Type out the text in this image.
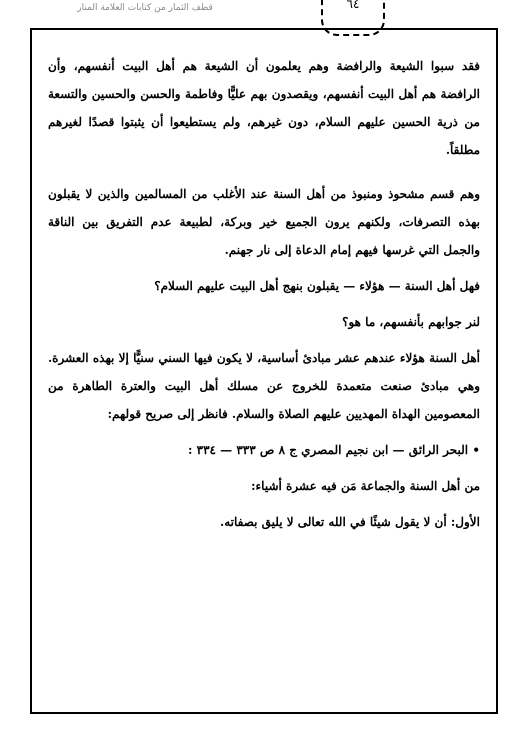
قطف الثمار من كتابات العلامة المنار	٦٤

فقد سبوا الشيعة والرافضة وهم يعلمون أن الشيعة هم أهل البيت أنفسهم، وأن الرافضة هم أهل البيت أنفسهم، ويقصدون بهم عليًّا وفاطمة والحسن والحسين والتسعة من ذرية الحسين عليهم السلام، دون غيرهم، ولم يستطيعوا أن يثبتوا قصدًا لغيرهم مطلقاً.

وهم قسم مشحوذ ومنبوذ من أهل السنة عند الأغلب من المسالمين والذين لا يقبلون بهذه التصرفات، ولكنهم يرون الجميع خير وبركة، لطبيعة عدم التفريق بين الناقة والجمل التي غرسها فيهم إمام الدعاة إلى نار جهنم.

فهل أهل السنة — هؤلاء — يقبلون بنهج أهل البيت عليهم السلام؟

لنر جوابهم بأنفسهم، ما هو؟

أهل السنة هؤلاء عندهم عشر مبادئ أساسية، لا يكون فيها السني سنيًّا إلا بهذه العشرة. وهي مبادئ صنعت متعمدة للخروج عن مسلك أهل البيت والعترة الطاهرة من المعصومين الهداة المهديين عليهم الصلاة والسلام. فانظر إلى صريح قولهم:

• البحر الرائق — ابن نجيم المصري ج ٨ ص ٣٣٣ — ٣٣٤ :

من أهل السنة والجماعة مَن فيه عشرة أشياء:

الأول: أن لا يقول شيئًا في الله تعالى لا يليق بصفاته.
